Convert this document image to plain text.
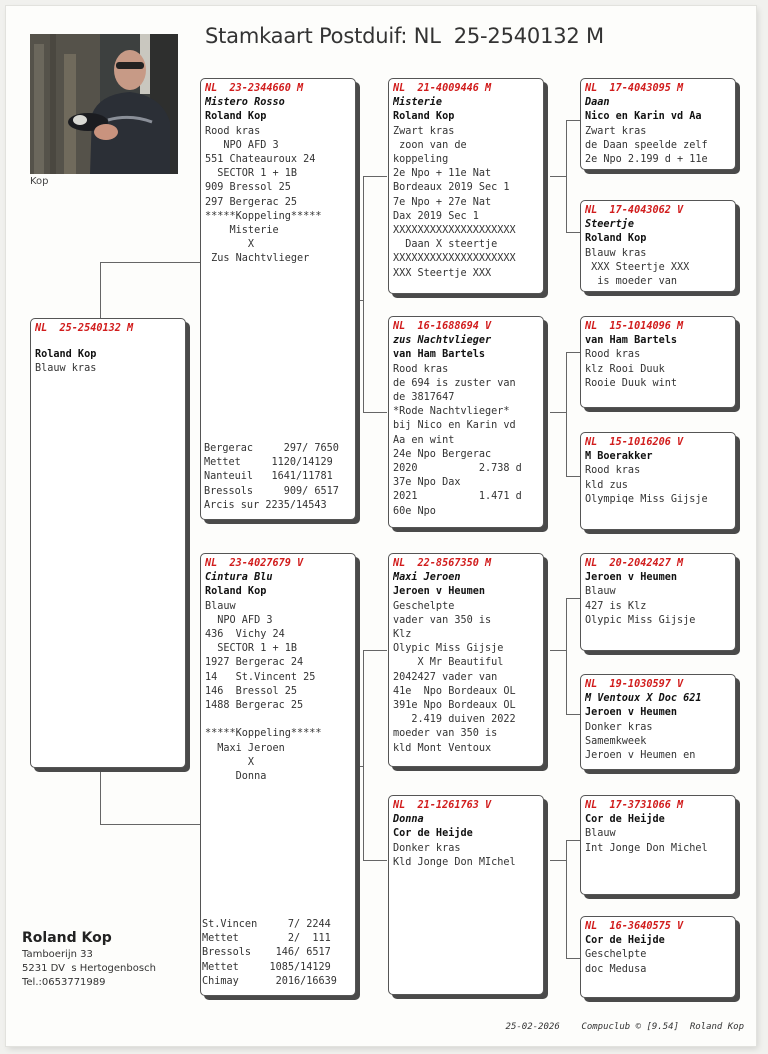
Stamkaart Postduif: NL  25-2540132 M
Kop
NL  25-2540132 M
Roland Kop
Blauw kras
NL  23-2344660 M
Mistero Rosso
Roland Kop
Rood kras
NPO AFD 3
551 Chateauroux 24
SECTOR 1 + 1B
909 Bressol 25
297 Bergerac 25
*****Koppeling*****
Misterie
X
Zus Nachtvlieger
Bergerac     297/ 7650
Mettet     1120/14129
Nanteuil   1641/11781
Bressols     909/ 6517
Arcis sur 2235/14543
NL  23-4027679 V
Cintura Blu
Roland Kop
Blauw
NPO AFD 3
436  Vichy 24
SECTOR 1 + 1B
1927 Bergerac 24
14   St.Vincent 25
146  Bressol 25
1488 Bergerac 25

*****Koppeling*****
Maxi Jeroen
X
Donna
St.Vincen     7/ 2244
Mettet        2/  111
Bressols    146/ 6517
Mettet     1085/14129
Chimay      2016/16639
NL  21-4009446 M
Misterie
Roland Kop
Zwart kras
zoon van de
koppeling
2e Npo + 11e Nat
Bordeaux 2019 Sec 1
7e Npo + 27e Nat
Dax 2019 Sec 1
XXXXXXXXXXXXXXXXXXXX
Daan X steertje
XXXXXXXXXXXXXXXXXXXX
XXX Steertje XXX
NL  16-1688694 V
zus Nachtvlieger
van Ham Bartels
Rood kras
de 694 is zuster van
de 3817647
*Rode Nachtvlieger*
bij Nico en Karin vd
Aa en wint
24e Npo Bergerac
2020          2.738 d
37e Npo Dax
2021          1.471 d
60e Npo
NL  22-8567350 M
Maxi Jeroen
Jeroen v Heumen
Geschelpte
vader van 350 is
Klz
Olypic Miss Gijsje
X Mr Beautiful
2042427 vader van
41e  Npo Bordeaux OL
391e Npo Bordeaux OL
2.419 duiven 2022
moeder van 350 is
kld Mont Ventoux
NL  21-1261763 V
Donna
Cor de Heijde
Donker kras
Kld Jonge Don MIchel
NL  17-4043095 M
Daan
Nico en Karin vd Aa
Zwart kras
de Daan speelde zelf
2e Npo 2.199 d + 11e
NL  17-4043062 V
Steertje
Roland Kop
Blauw kras
XXX Steertje XXX
is moeder van
NL  15-1014096 M
van Ham Bartels
Rood kras
klz Rooi Duuk
Rooie Duuk wint
NL  15-1016206 V
M Boerakker
Rood kras
kld zus
Olympiqe Miss Gijsje
NL  20-2042427 M
Jeroen v Heumen
Blauw
427 is Klz
Olypic Miss Gijsje
NL  19-1030597 V
M Ventoux X Doc 621
Jeroen v Heumen
Donker kras
Samemkweek
Jeroen v Heumen en
NL  17-3731066 M
Cor de Heijde
Blauw
Int Jonge Don Michel
NL  16-3640575 V
Cor de Heijde
Geschelpte
doc Medusa
Roland Kop
Tamboerijn 33
5231 DV  s Hertogenbosch
Tel.:0653771989
25-02-2026 Compuclub © [9.54] Roland Kop
